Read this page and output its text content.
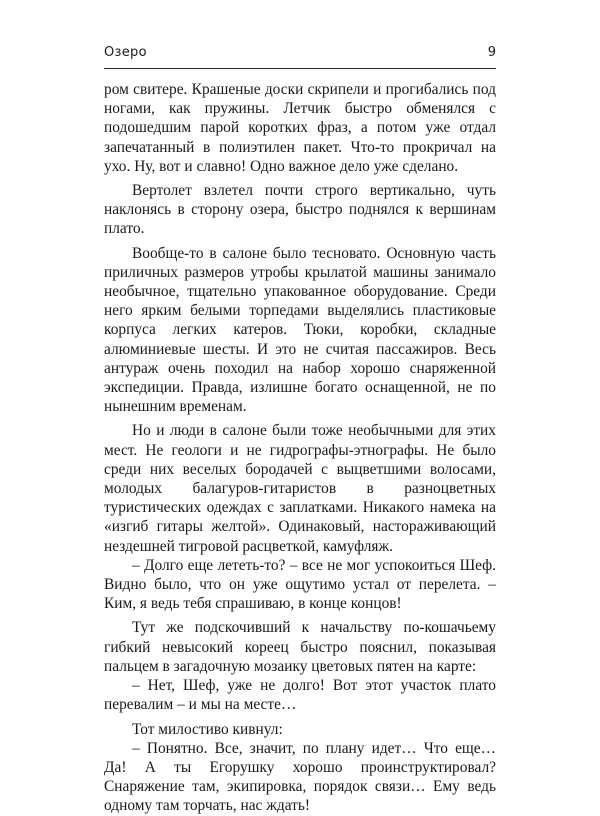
Озеро	9

ром свитере. Крашеные доски скрипели и прогибались под ногами, как пружины. Летчик быстро обменялся с подошедшим парой коротких фраз, а потом уже отдал запечатанный в полиэтилен пакет. Что-то прокричал на ухо. Ну, вот и славно! Одно важное дело уже сделано.

Вертолет взлетел почти строго вертикально, чуть наклонясь в сторону озера, быстро поднялся к вершинам плато.

Вообще-то в салоне было тесновато. Основную часть приличных размеров утробы крылатой машины занимало необычное, тщательно упакованное оборудование. Среди него ярким белыми торпедами выделялись пластиковые корпуса легких катеров. Тюки, коробки, складные алюминиевые шесты. И это не считая пассажиров. Весь антураж очень походил на набор хорошо снаряженной экспедиции. Правда, излишне богато оснащенной, не по нынешним временам.

Но и люди в салоне были тоже необычными для этих мест. Не геологи и не гидрографы-этнографы. Не было среди них веселых бородачей с выцветшими волосами, молодых балагуров-гитаристов в разноцветных туристических одеждах с заплатками. Никакого намека на «изгиб гитары желтой». Одинаковый, настораживающий нездешней тигровой расцветкой, камуфляж.

– Долго еще лететь-то? – все не мог успокоиться Шеф. Видно было, что он уже ощутимо устал от перелета. – Ким, я ведь тебя спрашиваю, в конце концов!

Тут же подскочивший к начальству по-кошачьему гибкий невысокий кореец быстро пояснил, показывая пальцем в загадочную мозаику цветовых пятен на карте:

– Нет, Шеф, уже не долго! Вот этот участок плато перевалим – и мы на месте…

Тот милостиво кивнул:

– Понятно. Все, значит, по плану идет… Что еще… Да! А ты Егорушку хорошо проинструктировал? Снаряжение там, экипировка, порядок связи… Ему ведь одному там торчать, нас ждать!
